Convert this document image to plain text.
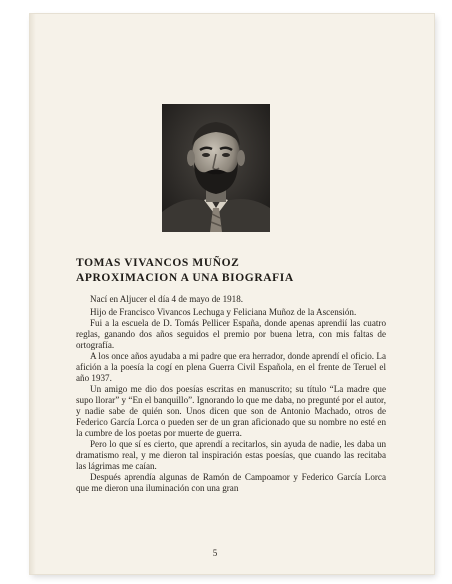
TOMAS VIVANCOS MUÑOZ
APROXIMACION A UNA BIOGRAFIA

Nací en Aljucer el día 4 de mayo de 1918.

Hijo de Francisco Vivancos Lechuga y Feliciana Muñoz de la Ascensión.

Fui a la escuela de D. Tomás Pellicer España, donde apenas aprendií las cuatro reglas, ganando dos años seguidos el premio por buena letra, con mis faltas de ortografía.

A los once años ayudaba a mi padre que era herrador, donde aprendí el oficio. La afición a la poesía la cogí en plena Guerra Civil Española, en el frente de Teruel el año 1937.

Un amigo me dio dos poesías escritas en manuscrito; su título “La madre que supo llorar” y “En el banquillo”. Ignorando lo que me daba, no pregunté por el autor, y nadie sabe de quién son. Unos dicen que son de Antonio Machado, otros de Federico García Lorca o pueden ser de un gran aficionado que su nombre no esté en la cumbre de los poetas por muerte de guerra.

Pero lo que sí es cierto, que aprendí a recitarlos, sin ayuda de nadie, les daba un dramatismo real, y me dieron tal inspiración estas poesías, que cuando las recitaba las lágrimas me caían.

Después aprendía algunas de Ramón de Campoamor y Federico García Lorca que me dieron una iluminación con una gran

5
